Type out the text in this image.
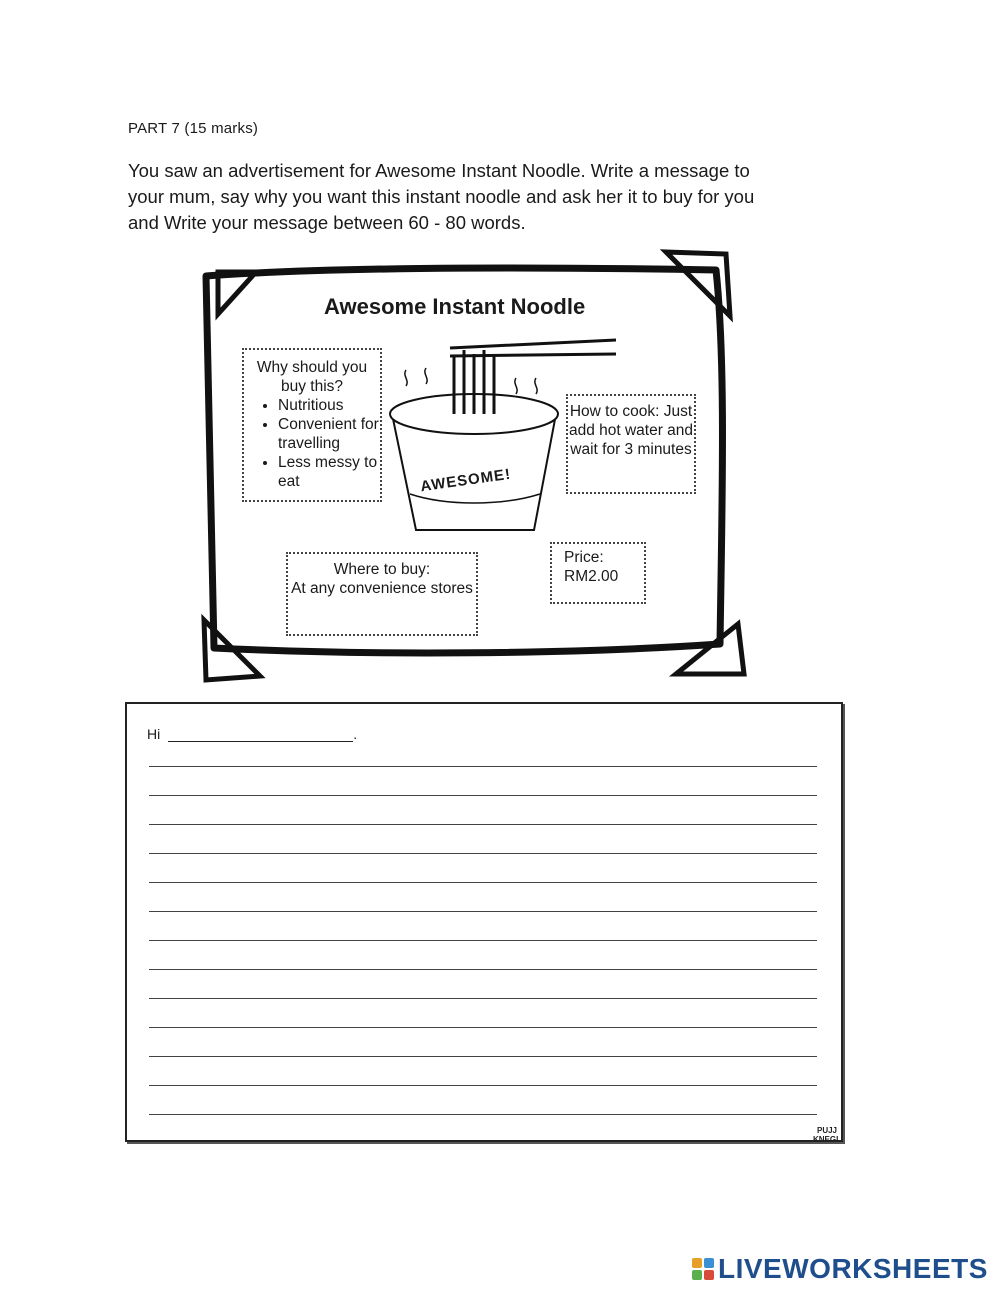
PART 7 (15 marks)
You saw an advertisement for Awesome Instant Noodle. Write a message to
your mum, say why you want this instant noodle and ask her it to buy for you
and Write your message between 60 - 80 words.
Awesome Instant Noodle
Why should you buy this?
• Nutritious
• Convenient for travelling
• Less messy to eat
How to cook: Just add hot water and wait for 3 minutes
Where to buy:
At any convenience stores
Price:
RM2.00
AWESOME!
Hi	.
PUJJ KNEGL
LIVEWORKSHEETS
